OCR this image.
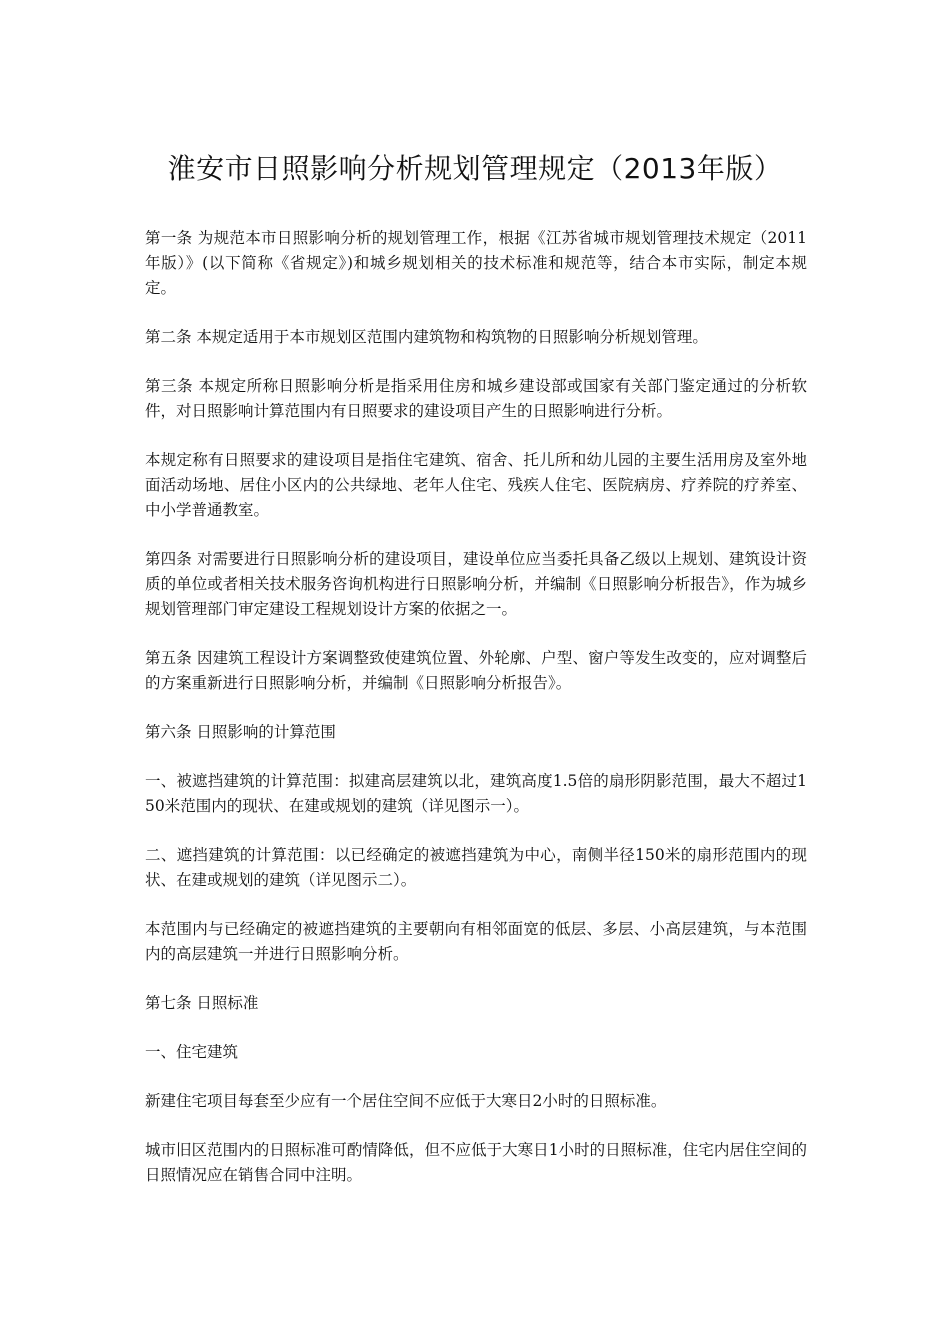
淮安市日照影响分析规划管理规定（2013年版）

第一条 为规范本市日照影响分析的规划管理工作，根据《江苏省城市规划管理技术规定（2011年版）》(以下简称《省规定》)和城乡规划相关的技术标准和规范等，结合本市实际，制定本规定。

第二条 本规定适用于本市规划区范围内建筑物和构筑物的日照影响分析规划管理。

第三条 本规定所称日照影响分析是指采用住房和城乡建设部或国家有关部门鉴定通过的分析软件，对日照影响计算范围内有日照要求的建设项目产生的日照影响进行分析。

本规定称有日照要求的建设项目是指住宅建筑、宿舍、托儿所和幼儿园的主要生活用房及室外地面活动场地、居住小区内的公共绿地、老年人住宅、残疾人住宅、医院病房、疗养院的疗养室、中小学普通教室。

第四条 对需要进行日照影响分析的建设项目，建设单位应当委托具备乙级以上规划、建筑设计资质的单位或者相关技术服务咨询机构进行日照影响分析，并编制《日照影响分析报告》，作为城乡规划管理部门审定建设工程规划设计方案的依据之一。

第五条 因建筑工程设计方案调整致使建筑位置、外轮廓、户型、窗户等发生改变的，应对调整后的方案重新进行日照影响分析，并编制《日照影响分析报告》。

第六条 日照影响的计算范围

一、被遮挡建筑的计算范围：拟建高层建筑以北，建筑高度1.5倍的扇形阴影范围，最大不超过150米范围内的现状、在建或规划的建筑（详见图示一）。

二、遮挡建筑的计算范围：以已经确定的被遮挡建筑为中心，南侧半径150米的扇形范围内的现状、在建或规划的建筑（详见图示二）。

本范围内与已经确定的被遮挡建筑的主要朝向有相邻面宽的低层、多层、小高层建筑，与本范围内的高层建筑一并进行日照影响分析。

第七条 日照标准

一、住宅建筑

新建住宅项目每套至少应有一个居住空间不应低于大寒日2小时的日照标准。

城市旧区范围内的日照标准可酌情降低，但不应低于大寒日1小时的日照标准，住宅内居住空间的日照情况应在销售合同中注明。
